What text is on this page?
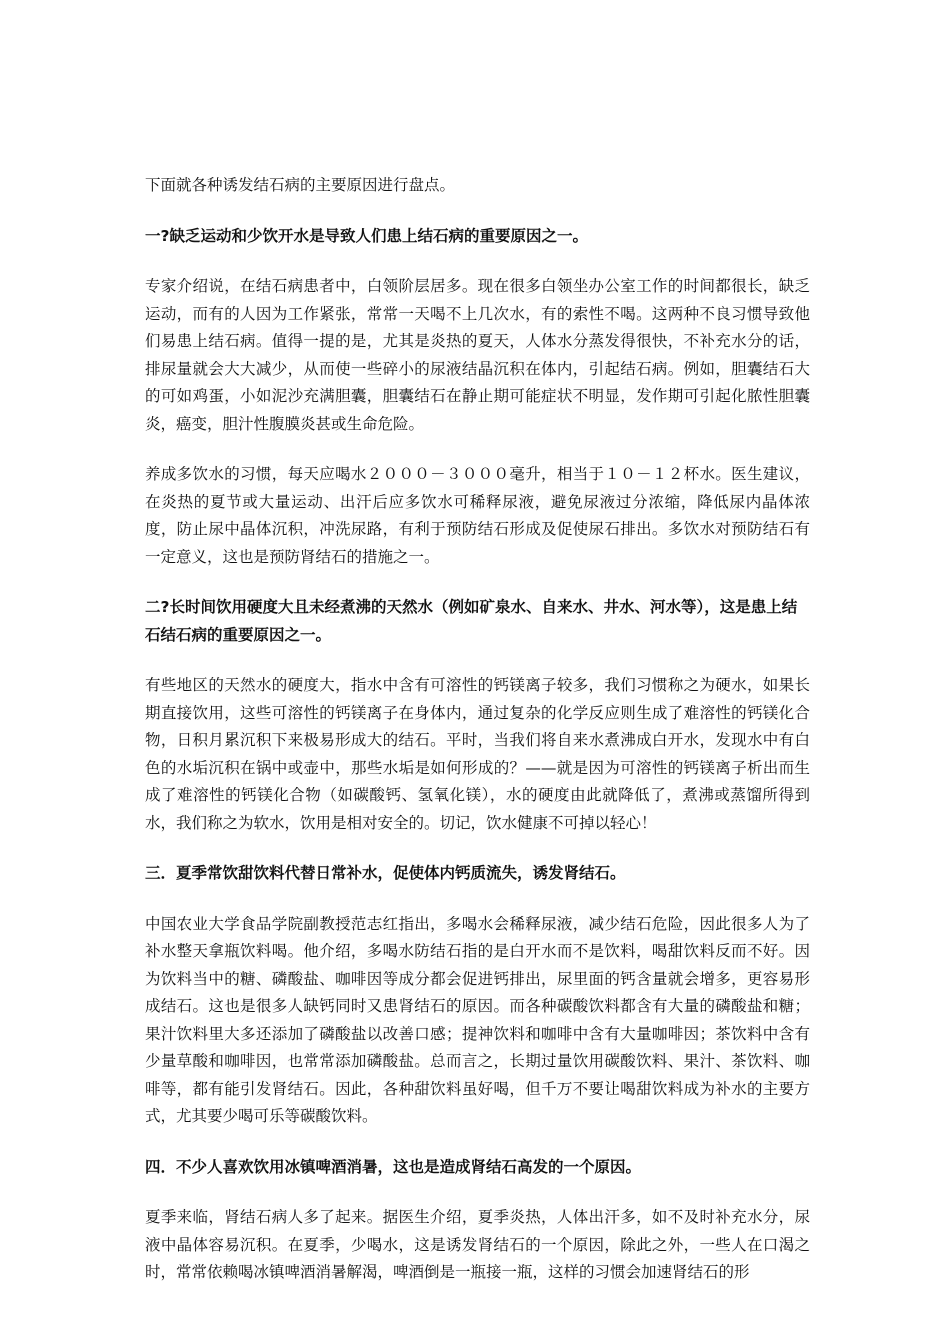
下面就各种诱发结石病的主要原因进行盘点。

一?缺乏运动和少饮开水是导致人们患上结石病的重要原因之一。

专家介绍说，在结石病患者中，白领阶层居多。现在很多白领坐办公室工作的时间都很长，缺乏运动，而有的人因为工作紧张，常常一天喝不上几次水，有的索性不喝。这两种不良习惯导致他们易患上结石病。值得一提的是，尤其是炎热的夏天，人体水分蒸发得很快，不补充水分的话，排尿量就会大大减少，从而使一些碎小的尿液结晶沉积在体内，引起结石病。例如，胆囊结石大的可如鸡蛋，小如泥沙充满胆囊，胆囊结石在静止期可能症状不明显，发作期可引起化脓性胆囊炎，癌变，胆汁性腹膜炎甚或生命危险。

养成多饮水的习惯，每天应喝水２０００－３０００毫升，相当于１０－１２杯水。医生建议，在炎热的夏节或大量运动、出汗后应多饮水可稀释尿液，避免尿液过分浓缩，降低尿内晶体浓度，防止尿中晶体沉积，冲洗尿路，有利于预防结石形成及促使尿石排出。多饮水对预防结石有一定意义，这也是预防肾结石的措施之一。

二?长时间饮用硬度大且未经煮沸的天然水（例如矿泉水、自来水、井水、河水等），这是患上结石结石病的重要原因之一。

有些地区的天然水的硬度大，指水中含有可溶性的钙镁离子较多，我们习惯称之为硬水，如果长期直接饮用，这些可溶性的钙镁离子在身体内，通过复杂的化学反应则生成了难溶性的钙镁化合物，日积月累沉积下来极易形成大的结石。平时，当我们将自来水煮沸成白开水，发现水中有白色的水垢沉积在锅中或壶中，那些水垢是如何形成的？——就是因为可溶性的钙镁离子析出而生成了难溶性的钙镁化合物（如碳酸钙、氢氧化镁），水的硬度由此就降低了，煮沸或蒸馏所得到水，我们称之为软水，饮用是相对安全的。切记，饮水健康不可掉以轻心！

三．夏季常饮甜饮料代替日常补水，促使体内钙质流失，诱发肾结石。

中国农业大学食品学院副教授范志红指出，多喝水会稀释尿液，减少结石危险，因此很多人为了补水整天拿瓶饮料喝。他介绍，多喝水防结石指的是白开水而不是饮料，喝甜饮料反而不好。因为饮料当中的糖、磷酸盐、咖啡因等成分都会促进钙排出，尿里面的钙含量就会增多，更容易形成结石。这也是很多人缺钙同时又患肾结石的原因。而各种碳酸饮料都含有大量的磷酸盐和糖；果汁饮料里大多还添加了磷酸盐以改善口感；提神饮料和咖啡中含有大量咖啡因；茶饮料中含有少量草酸和咖啡因，也常常添加磷酸盐。总而言之，长期过量饮用碳酸饮料、果汁、茶饮料、咖啡等，都有能引发肾结石。因此，各种甜饮料虽好喝，但千万不要让喝甜饮料成为补水的主要方式，尤其要少喝可乐等碳酸饮料。

四．不少人喜欢饮用冰镇啤酒消暑，这也是造成肾结石高发的一个原因。

夏季来临，肾结石病人多了起来。据医生介绍，夏季炎热，人体出汗多，如不及时补充水分，尿液中晶体容易沉积。在夏季，少喝水，这是诱发肾结石的一个原因，除此之外，一些人在口渴之时，常常依赖喝冰镇啤酒消暑解渴，啤酒倒是一瓶接一瓶，这样的习惯会加速肾结石的形
